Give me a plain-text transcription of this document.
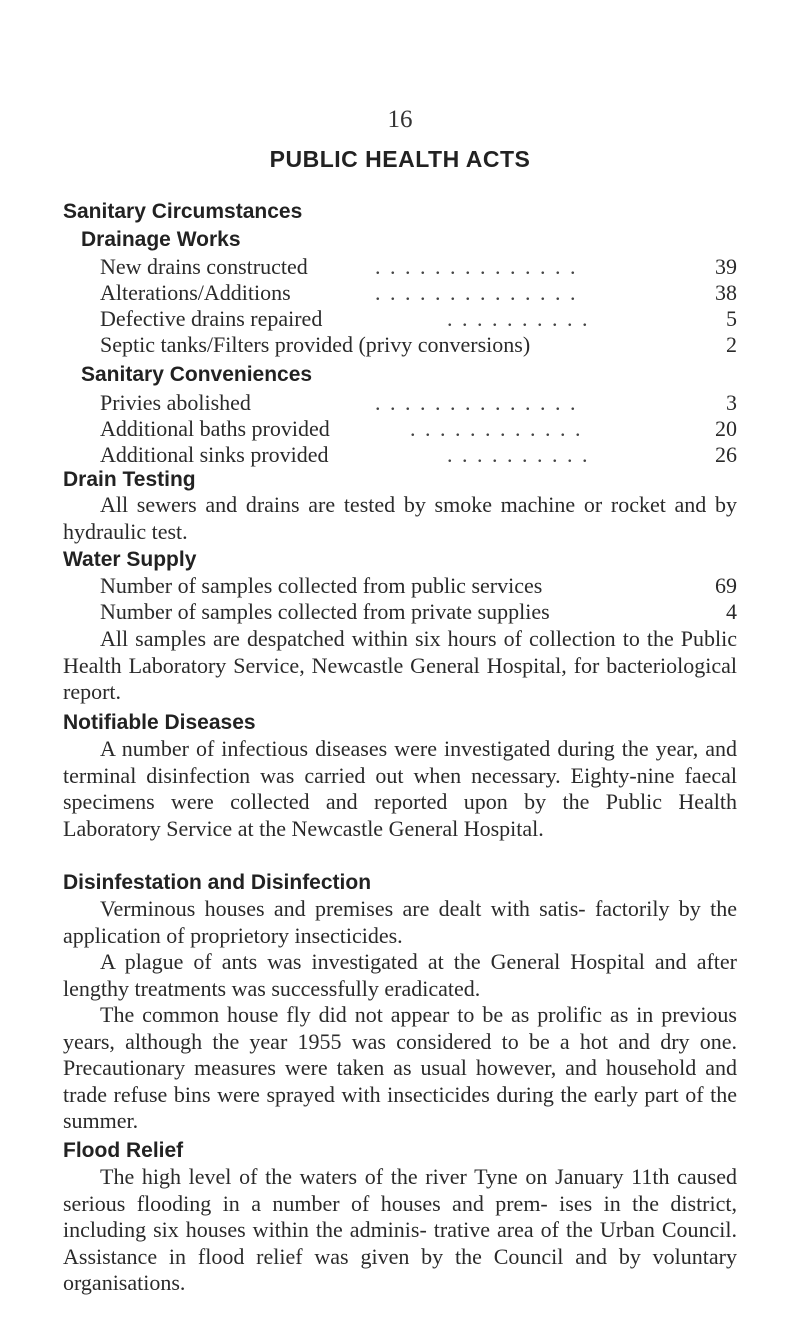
16
PUBLIC HEALTH ACTS
Sanitary Circumstances
Drainage Works
New drains constructed	. . . . . . . . . . . . . .	39
Alterations/Additions	. . . . . . . . . . . . . .	38
Defective drains repaired	. . . . . . . . . .	5
Septic tanks/Filters provided (privy conversions)	2
Sanitary Conveniences
Privies abolished	. . . . . . . . . . . . . .	3
Additional baths provided	. . . . . . . . . . . .	20
Additional sinks provided	. . . . . . . . . .	26
Drain Testing

All sewers and drains are tested by smoke machine or rocket and by hydraulic test.

Water Supply
Number of samples collected from public services	69
Number of samples collected from private supplies	4

All samples are despatched within six hours of collection to the Public Health Laboratory Service, Newcastle General Hospital, for bacteriological report.

Notifiable Diseases

A number of infectious diseases were investigated during the year, and terminal disinfection was carried out when necessary. Eighty-nine faecal specimens were collected and reported upon by the Public Health Laboratory Service at the Newcastle General Hospital.

Disinfestation and Disinfection

Verminous houses and premises are dealt with satis- factorily by the application of proprietory insecticides.

A plague of ants was investigated at the General Hospital and after lengthy treatments was successfully eradicated.

The common house fly did not appear to be as prolific as in previous years, although the year 1955 was considered to be a hot and dry one. Precautionary measures were taken as usual however, and household and trade refuse bins were sprayed with insecticides during the early part of the summer.

Flood Relief

The high level of the waters of the river Tyne on January 11th caused serious flooding in a number of houses and prem- ises in the district, including six houses within the adminis- trative area of the Urban Council. Assistance in flood relief was given by the Council and by voluntary organisations.
